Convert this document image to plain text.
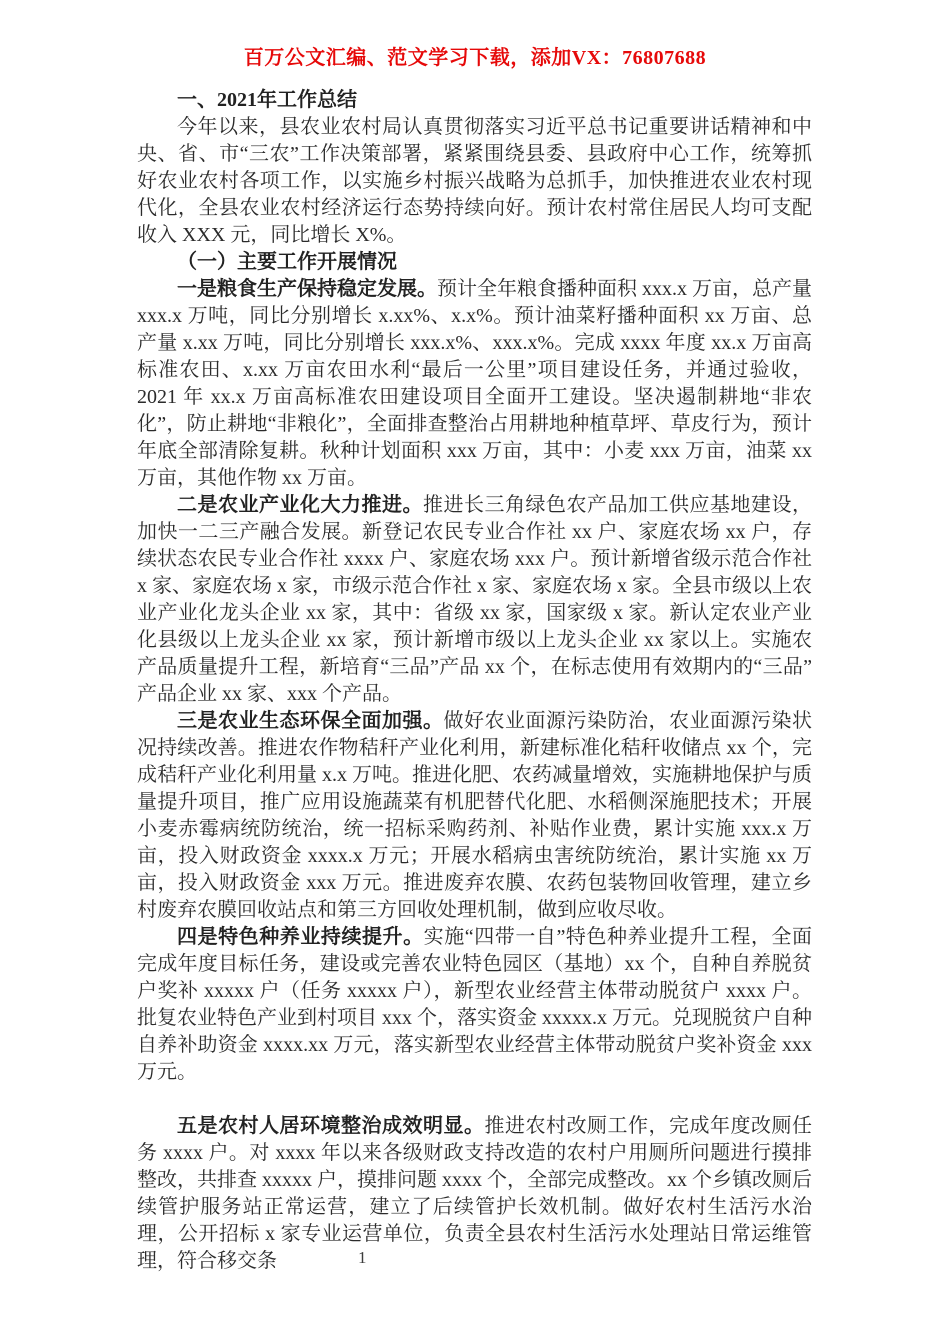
百万公文汇编、范文学习下载，添加VX：76807688

一、2021年工作总结

今年以来，县农业农村局认真贯彻落实习近平总书记重要讲话精神和中央、省、市“三农”工作决策部署，紧紧围绕县委、县政府中心工作，统筹抓好农业农村各项工作，以实施乡村振兴战略为总抓手，加快推进农业农村现代化，全县农业农村经济运行态势持续向好。预计农村常住居民人均可支配收入 XXX 元，同比增长 X%。

（一）主要工作开展情况

一是粮食生产保持稳定发展。预计全年粮食播种面积 xxx.x 万亩，总产量 xxx.x 万吨，同比分别增长 x.xx%、x.x%。预计油菜籽播种面积 xx 万亩、总产量 x.xx 万吨，同比分别增长 xxx.x%、xxx.x%。完成 xxxx 年度 xx.x 万亩高标准农田、x.xx 万亩农田水利“最后一公里”项目建设任务，并通过验收，2021 年 xx.x 万亩高标准农田建设项目全面开工建设。坚决遏制耕地“非农化”，防止耕地“非粮化”，全面排查整治占用耕地种植草坪、草皮行为，预计年底全部清除复耕。秋种计划面积 xxx 万亩，其中：小麦 xxx 万亩，油菜 xx 万亩，其他作物 xx 万亩。

二是农业产业化大力推进。推进长三角绿色农产品加工供应基地建设，加快一二三产融合发展。新登记农民专业合作社 xx 户、家庭农场 xx 户，存续状态农民专业合作社 xxxx 户、家庭农场 xxx 户。预计新增省级示范合作社 x 家、家庭农场 x 家，市级示范合作社 x 家、家庭农场 x 家。全县市级以上农业产业化龙头企业 xx 家，其中：省级 xx 家，国家级 x 家。新认定农业产业化县级以上龙头企业 xx 家，预计新增市级以上龙头企业 xx 家以上。实施农产品质量提升工程，新培育“三品”产品 xx 个，在标志使用有效期内的“三品”产品企业 xx 家、xxx 个产品。

三是农业生态环保全面加强。做好农业面源污染防治，农业面源污染状况持续改善。推进农作物秸秆产业化利用，新建标准化秸秆收储点 xx 个，完成秸秆产业化利用量 x.x 万吨。推进化肥、农药减量增效，实施耕地保护与质量提升项目，推广应用设施蔬菜有机肥替代化肥、水稻侧深施肥技术；开展小麦赤霉病统防统治，统一招标采购药剂、补贴作业费，累计实施 xxx.x 万亩，投入财政资金 xxxx.x 万元；开展水稻病虫害统防统治，累计实施 xx 万亩，投入财政资金 xxx 万元。推进废弃农膜、农药包装物回收管理，建立乡村废弃农膜回收站点和第三方回收处理机制，做到应收尽收。

四是特色种养业持续提升。实施“四带一自”特色种养业提升工程，全面完成年度目标任务，建设或完善农业特色园区（基地）xx 个，自种自养脱贫户奖补 xxxxx 户（任务 xxxxx 户），新型农业经营主体带动脱贫户 xxxx 户。批复农业特色产业到村项目 xxx 个，落实资金 xxxxx.x 万元。兑现脱贫户自种自养补助资金 xxxx.xx 万元，落实新型农业经营主体带动脱贫户奖补资金 xxx 万元。

五是农村人居环境整治成效明显。推进农村改厕工作，完成年度改厕任务 xxxx 户。对 xxxx 年以来各级财政支持改造的农村户用厕所问题进行摸排整改，共排查 xxxxx 户，摸排问题 xxxx 个，全部完成整改。xx 个乡镇改厕后续管护服务站正常运营，建立了后续管护长效机制。做好农村生活污水治理，公开招标 x 家专业运营单位，负责全县农村生活污水处理站日常运维管理，符合移交条	1
